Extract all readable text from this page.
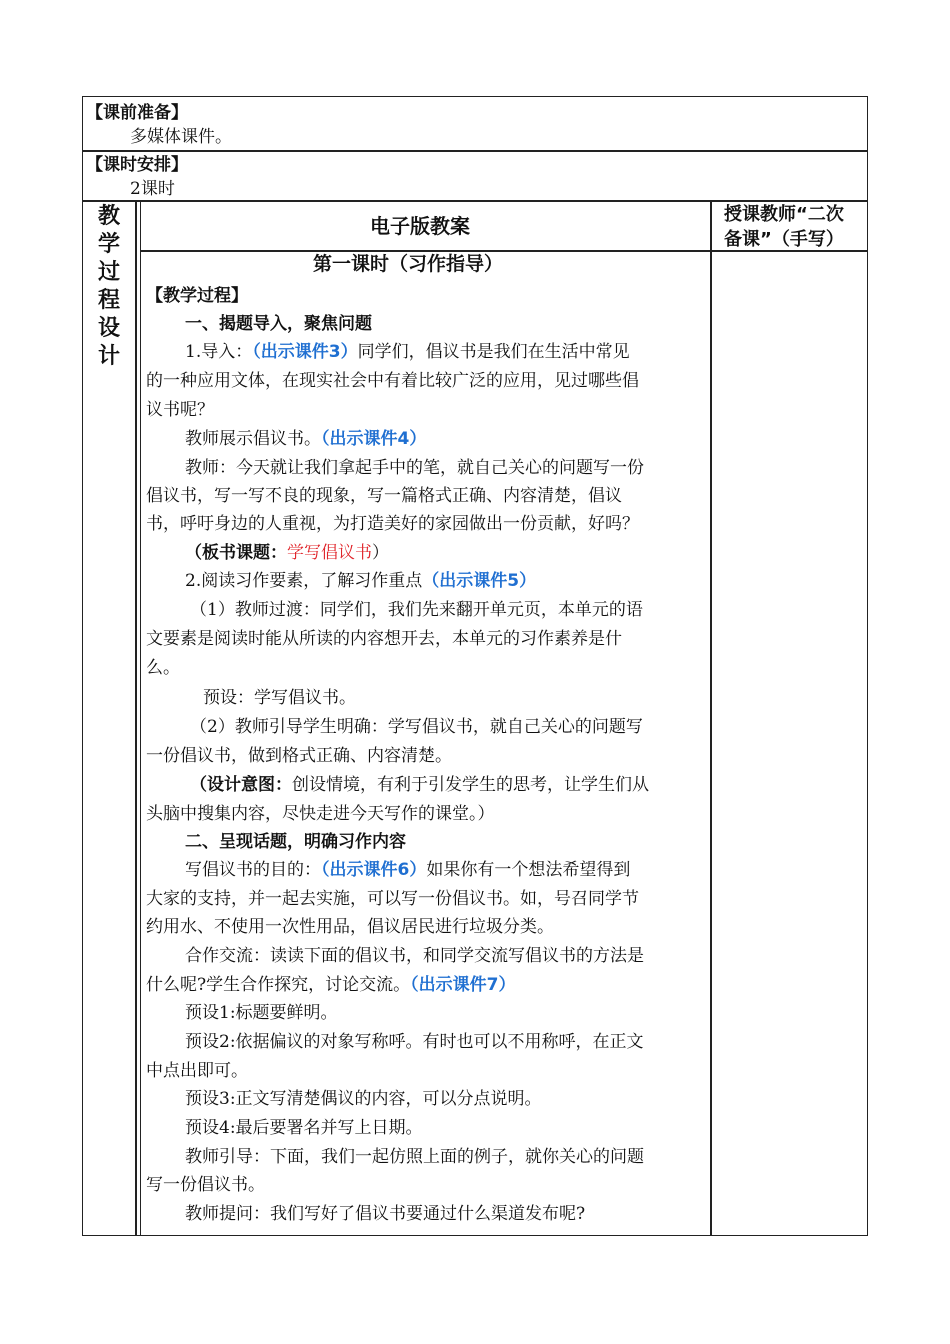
【课前准备】
多媒体课件。
【课时安排】
2课时
教
学
过
程
设
计
电子版教案	授课教师“二次
备课”（手写）
第一课时（习作指导）
【教学过程】
一、揭题导入，聚焦问题
1.导入：（出示课件3）同学们，倡议书是我们在生活中常见
的一种应用文体，在现实社会中有着比较广泛的应用，见过哪些倡
议书呢？
教师展示倡议书。（出示课件4）
教师：今天就让我们拿起手中的笔，就自己关心的问题写一份
倡议书，写一写不良的现象，写一篇格式正确、内容清楚，倡议
书，呼吁身边的人重视，为打造美好的家园做出一份贡献，好吗？
（板书课题：学写倡议书）
2.阅读习作要素，了解习作重点（出示课件5）
（1）教师过渡：同学们，我们先来翻开单元页，本单元的语
文要素是阅读时能从所读的内容想开去，本单元的习作素养是什
么。
预设：学写倡议书。
（2）教师引导学生明确：学写倡议书，就自己关心的问题写
一份倡议书，做到格式正确、内容清楚。
（设计意图：创设情境，有利于引发学生的思考，让学生们从
头脑中搜集内容，尽快走进今天写作的课堂。）
二、呈现话题，明确习作内容
写倡议书的目的：（出示课件6）如果你有一个想法希望得到
大家的支持，并一起去实施，可以写一份倡议书。如，号召同学节
约用水、不使用一次性用品，倡议居民进行垃圾分类。
合作交流：读读下面的倡议书，和同学交流写倡议书的方法是
什么呢?学生合作探究，讨论交流。（出示课件7）
预设1:标题要鲜明。
预设2:依据偏议的对象写称呼。有时也可以不用称呼，在正文
中点出即可。
预设3:正文写清楚偶议的内容，可以分点说明。
预设4:最后要署名并写上日期。
教师引导：下面，我们一起仿照上面的例子，就你关心的问题
写一份倡议书。
教师提问：我们写好了倡议书要通过什么渠道发布呢?
